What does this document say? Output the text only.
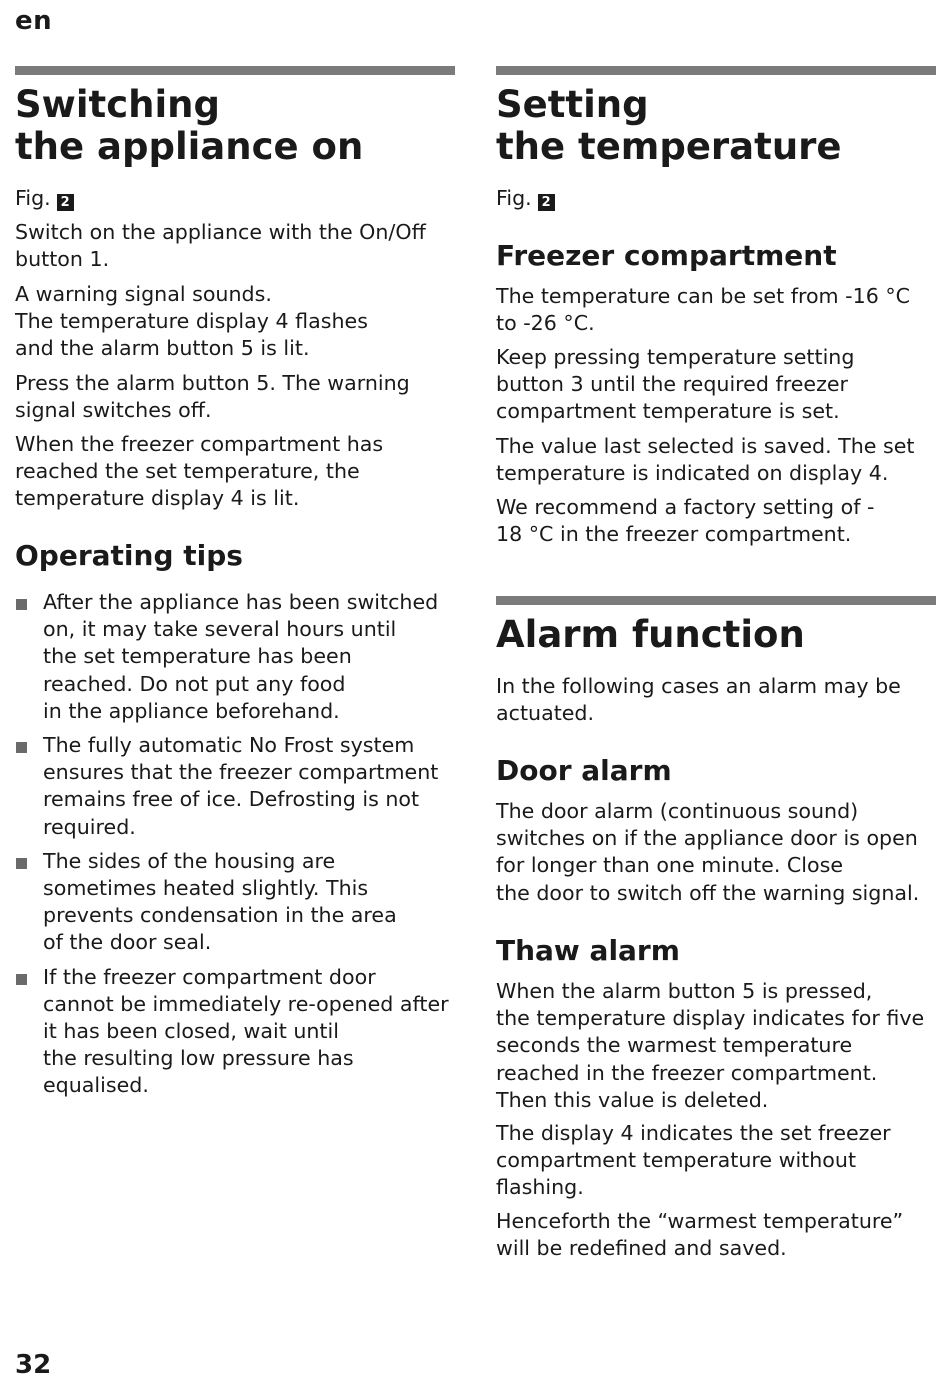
en
Switching
the appliance on

Fig. 2

Switch on the appliance with the On/Off
button 1.

A warning signal sounds.
The temperature display 4 flashes
and the alarm button 5 is lit.

Press the alarm button 5. The warning
signal switches off.

When the freezer compartment has
reached the set temperature, the
temperature display 4 is lit.

Operating tips
After the appliance has been switched
on, it may take several hours until
the set temperature has been
reached. Do not put any food
in the appliance beforehand.
The fully automatic No Frost system
ensures that the freezer compartment
remains free of ice. Defrosting is not
required.
The sides of the housing are
sometimes heated slightly. This
prevents condensation in the area
of the door seal.
If the freezer compartment door
cannot be immediately re-opened after
it has been closed, wait until
the resulting low pressure has
equalised.
Setting
the temperature

Fig. 2

Freezer compartment

The temperature can be set from -16 °C
to -26 °C.

Keep pressing temperature setting
button 3 until the required freezer
compartment temperature is set.

The value last selected is saved. The set
temperature is indicated on display 4.

We recommend a factory setting of -
18 °C in the freezer compartment.

Alarm function

In the following cases an alarm may be
actuated.

Door alarm

The door alarm (continuous sound)
switches on if the appliance door is open
for longer than one minute. Close
the door to switch off the warning signal.

Thaw alarm

When the alarm button 5 is pressed,
the temperature display indicates for five
seconds the warmest temperature
reached in the freezer compartment.
Then this value is deleted.

The display 4 indicates the set freezer
compartment temperature without
flashing.

Henceforth the “warmest temperature”
will be redefined and saved.

32
